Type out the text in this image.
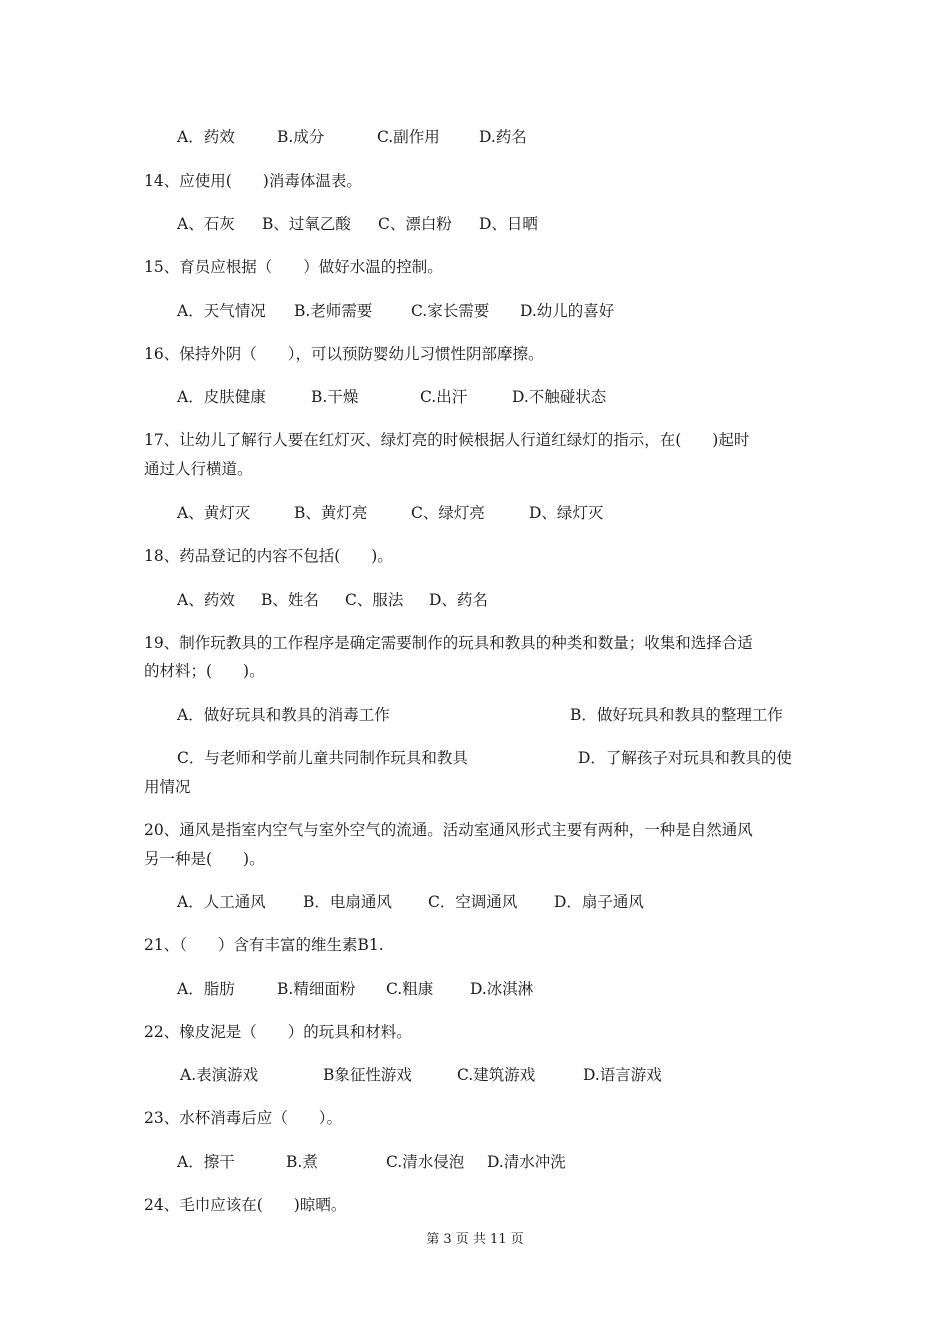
A．药效	B.成分	C.副作用	D.药名
14、应使用(　　)消毒体温表。
A、石灰 B、过氧乙酸 C、漂白粉 D、日晒
15、育员应根据（　　）做好水温的控制。
A．天气情况 B.老师需要 C.家长需要 D.幼儿的喜好
16、保持外阴（　　），可以预防婴幼儿习惯性阴部摩擦。
A．皮肤健康	B.干燥	C.出汗	D.不触碰状态
17、让幼儿了解行人要在红灯灭、绿灯亮的时候根据人行道红绿灯的指示，在(　　)起时
通过人行横道。
A、黄灯灭	B、黄灯亮	C、绿灯亮	D、绿灯灭
18、药品登记的内容不包括(　　)。
A、药效 B、姓名 C、服法 D、药名
19、制作玩教具的工作程序是确定需要制作的玩具和教具的种类和数量；收集和选择合适
的材料；(　　)。
A．做好玩具和教具的消毒工作	B．做好玩具和教具的整理工作
C．与老师和学前儿童共同制作玩具和教具	D．了解孩子对玩具和教具的使
用情况
20、通风是指室内空气与室外空气的流通。活动室通风形式主要有两种，一种是自然通风
另一种是(　　)。
A．人工通风 B．电扇通风 C．空调通风 D．扇子通风
21、（　　）含有丰富的维生素B1.
A．脂肪	B.精细面粉 C.粗康 D.冰淇淋
22、橡皮泥是（　　）的玩具和材料。
A.表演游戏	B象征性游戏	C.建筑游戏	D.语言游戏
23、水杯消毒后应（　　）。
A．擦干	B.煮	C.清水侵泡 D.清水冲洗
24、毛巾应该在(　　)晾晒。
第 3 页 共 11 页
